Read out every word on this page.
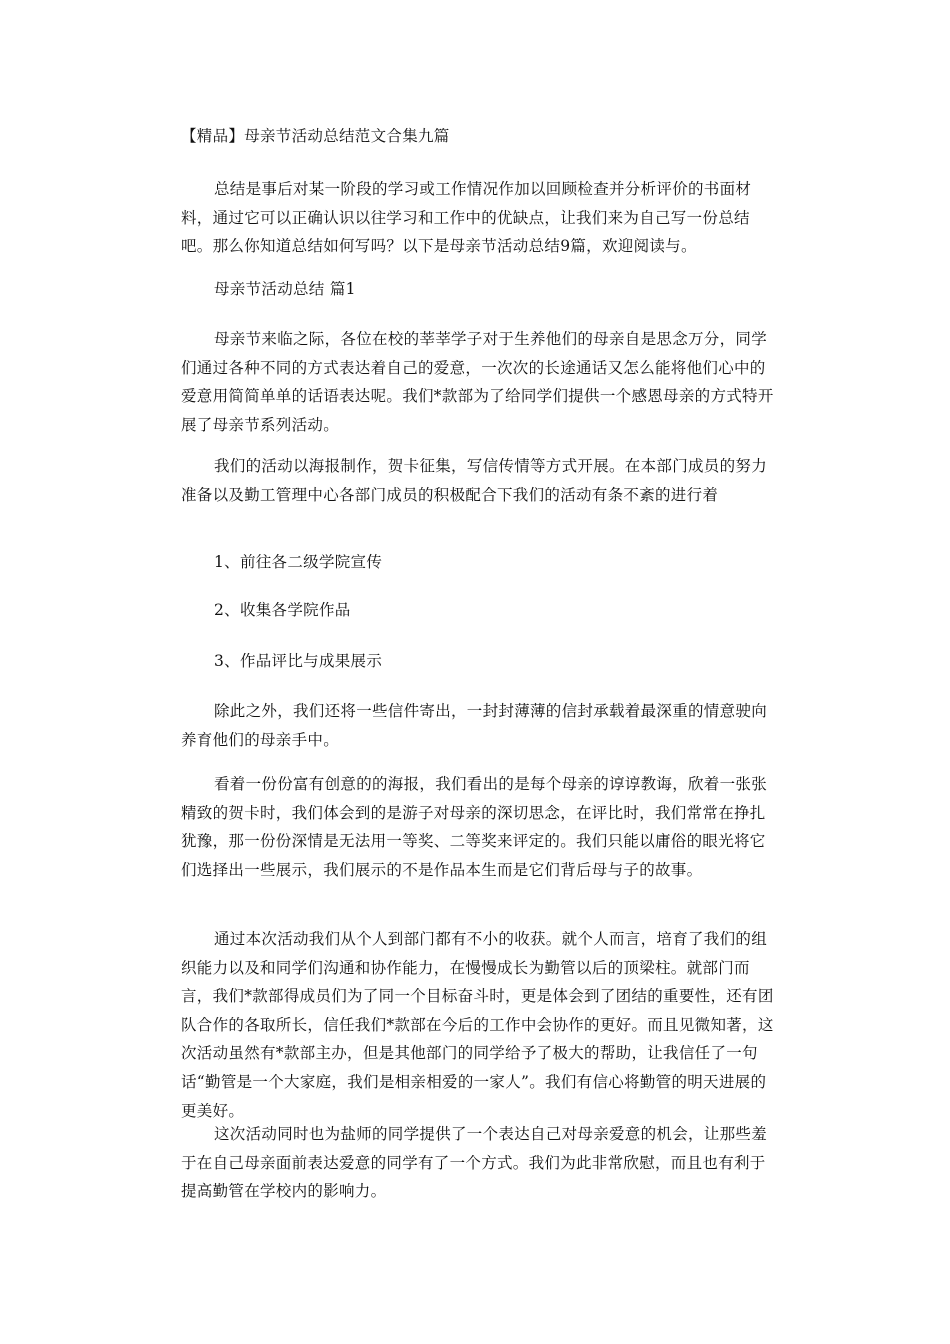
【精品】母亲节活动总结范文合集九篇
总结是事后对某一阶段的学习或工作情况作加以回顾检查并分析评价的书面材料，通过它可以正确认识以往学习和工作中的优缺点，让我们来为自己写一份总结吧。那么你知道总结如何写吗？以下是母亲节活动总结9篇，欢迎阅读与。
母亲节活动总结 篇1
母亲节来临之际，各位在校的莘莘学子对于生养他们的母亲自是思念万分，同学们通过各种不同的方式表达着自己的爱意，一次次的长途通话又怎么能将他们心中的爱意用简简单单的话语表达呢。我们*款部为了给同学们提供一个感恩母亲的方式特开展了母亲节系列活动。
我们的活动以海报制作，贺卡征集，写信传情等方式开展。在本部门成员的努力准备以及勤工管理中心各部门成员的积极配合下我们的活动有条不紊的进行着
1、前往各二级学院宣传
2、收集各学院作品
3、作品评比与成果展示
除此之外，我们还将一些信件寄出，一封封薄薄的信封承载着最深重的情意驶向养育他们的母亲手中。
看着一份份富有创意的的海报，我们看出的是每个母亲的谆谆教诲，欣着一张张精致的贺卡时，我们体会到的是游子对母亲的深切思念，在评比时，我们常常在挣扎犹豫，那一份份深情是无法用一等奖、二等奖来评定的。我们只能以庸俗的眼光将它们选择出一些展示，我们展示的不是作品本生而是它们背后母与子的故事。
通过本次活动我们从个人到部门都有不小的收获。就个人而言，培育了我们的组织能力以及和同学们沟通和协作能力，在慢慢成长为勤管以后的顶梁柱。就部门而言，我们*款部得成员们为了同一个目标奋斗时，更是体会到了团结的重要性，还有团队合作的各取所长，信任我们*款部在今后的工作中会协作的更好。而且见微知著，这次活动虽然有*款部主办，但是其他部门的同学给予了极大的帮助，让我信任了一句话“勤管是一个大家庭，我们是相亲相爱的一家人”。我们有信心将勤管的明天进展的更美好。
这次活动同时也为盐师的同学提供了一个表达自己对母亲爱意的机会，让那些羞于在自己母亲面前表达爱意的同学有了一个方式。我们为此非常欣慰，而且也有利于提高勤管在学校内的影响力。
